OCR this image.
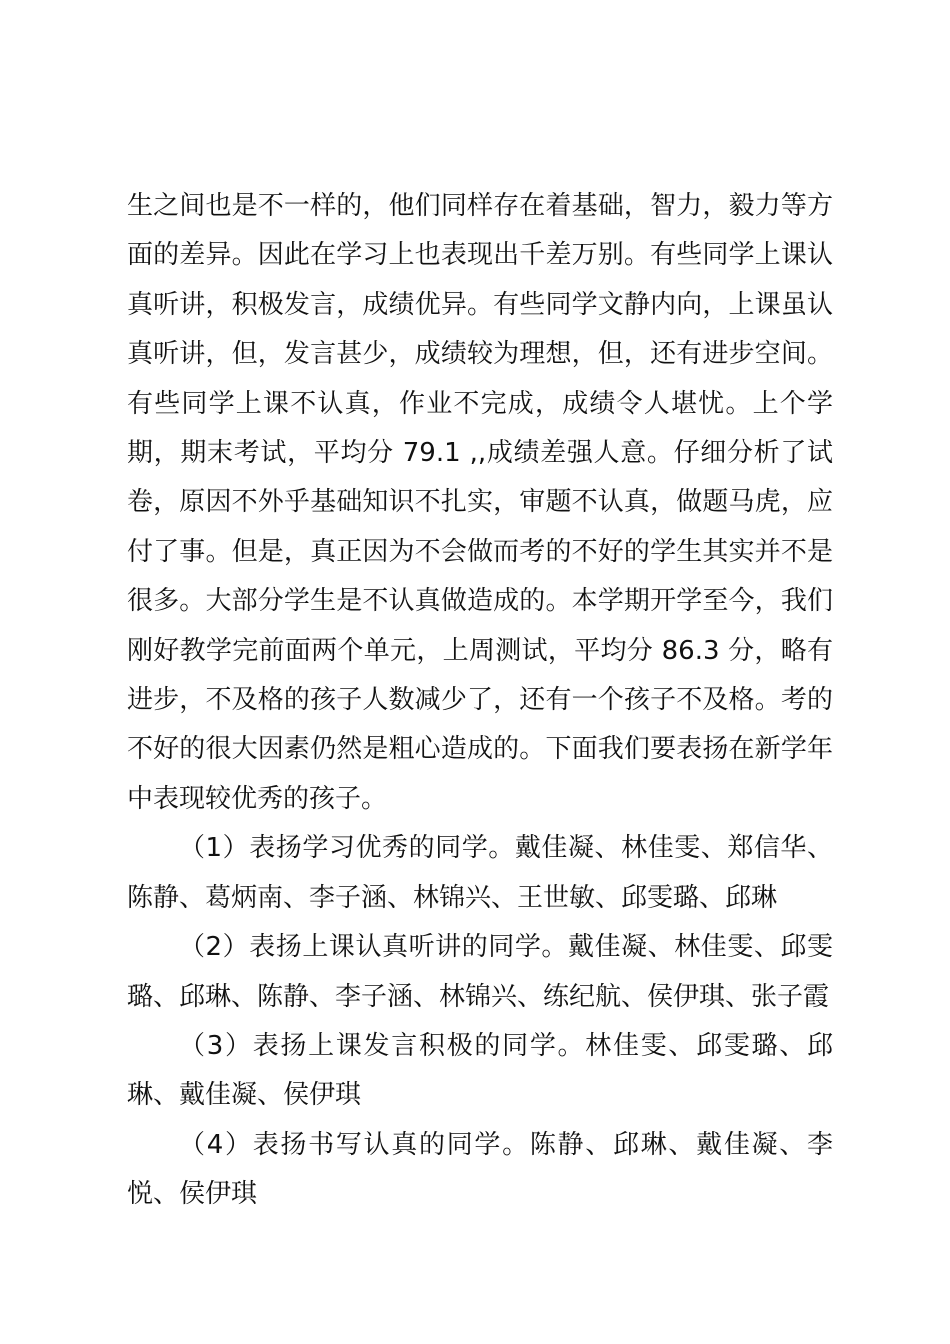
生之间也是不一样的，他们同样存在着基础，智力，毅力等方面的差异。因此在学习上也表现出千差万别。有些同学上课认真听讲，积极发言，成绩优异。有些同学文静内向，上课虽认真听讲，但，发言甚少，成绩较为理想，但，还有进步空间。有些同学上课不认真，作业不完成，成绩令人堪忧。上个学期，期末考试，平均分 79.1 ,,成绩差强人意。仔细分析了试卷，原因不外乎基础知识不扎实，审题不认真，做题马虎，应付了事。但是，真正因为不会做而考的不好的学生其实并不是很多。大部分学生是不认真做造成的。本学期开学至今，我们刚好教学完前面两个单元，上周测试，平均分 86.3 分，略有进步，不及格的孩子人数减少了，还有一个孩子不及格。考的不好的很大因素仍然是粗心造成的。下面我们要表扬在新学年中表现较优秀的孩子。

（1）表扬学习优秀的同学。戴佳凝、林佳雯、郑信华、陈静、葛炳南、李子涵、林锦兴、王世敏、邱雯璐、邱琳

（2）表扬上课认真听讲的同学。戴佳凝、林佳雯、邱雯璐、邱琳、陈静、李子涵、林锦兴、练纪航、侯伊琪、张子霞

（3）表扬上课发言积极的同学。林佳雯、邱雯璐、邱琳、戴佳凝、侯伊琪

（4）表扬书写认真的同学。陈静、邱琳、戴佳凝、李悦、侯伊琪
